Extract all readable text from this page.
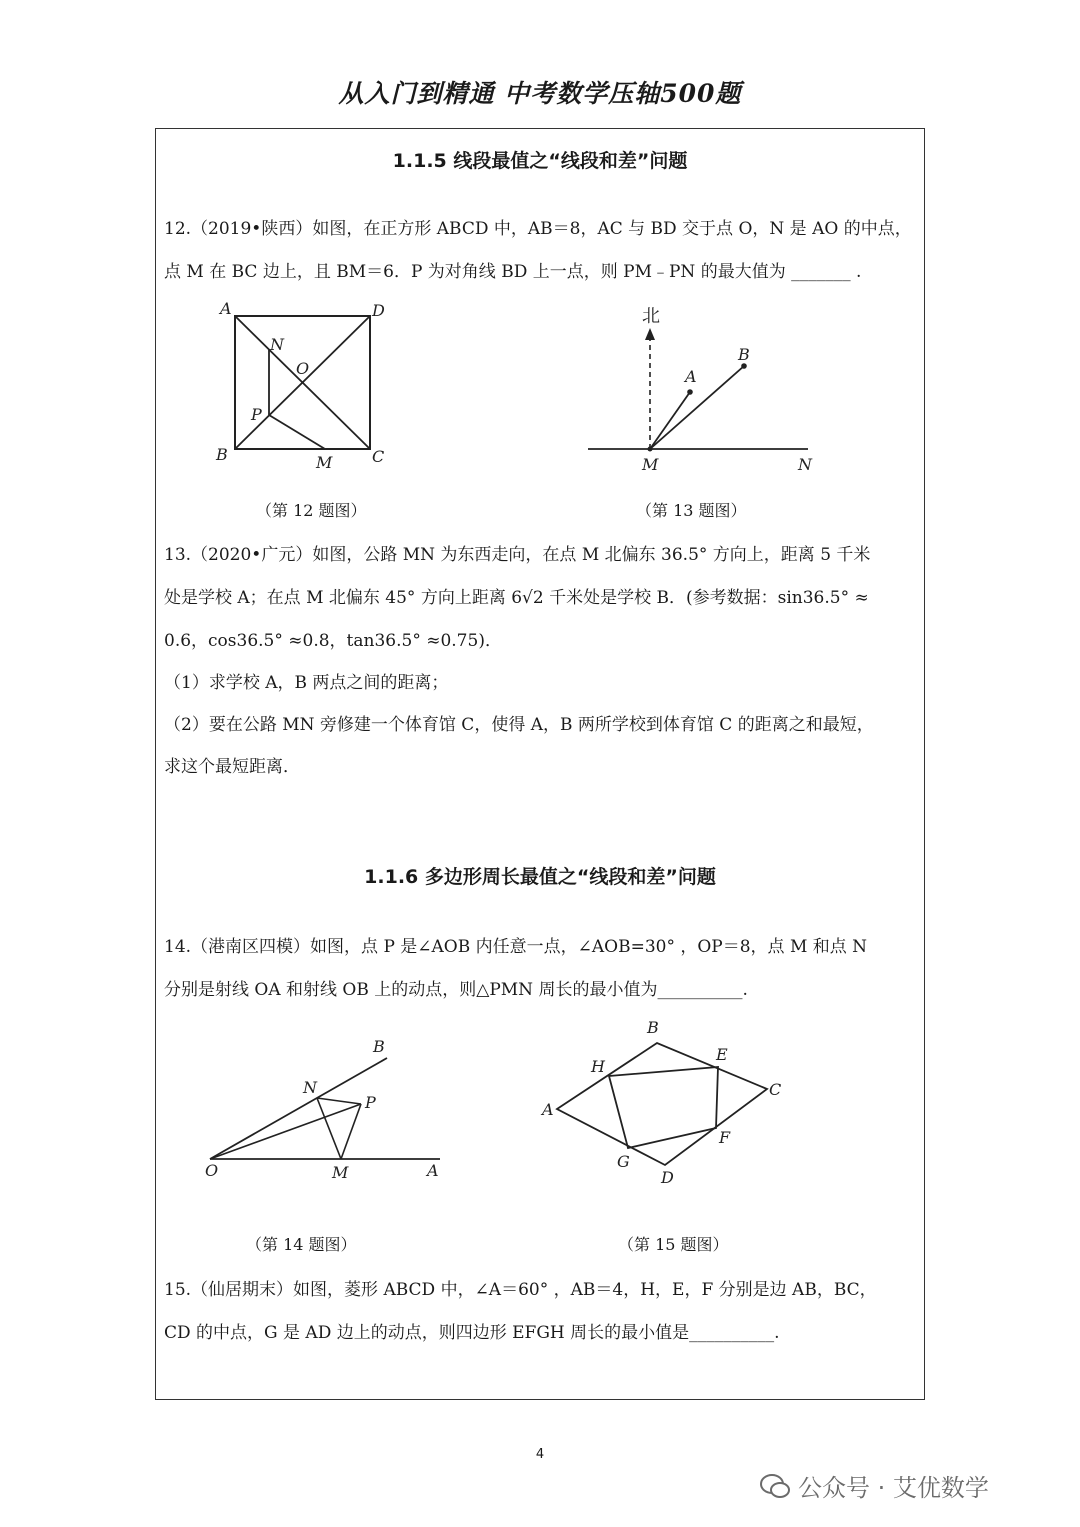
从入门到精通 中考数学压轴500题
1.1.5 线段最值之“线段和差”问题
12.（2019•陕西）如图，在正方形 ABCD 中，AB＝8，AC 与 BD 交于点 O，N 是 AO 的中点，
点 M 在 BC 边上，且 BM＝6．P 为对角线 BD 上一点，则 PM﹣PN 的最大值为 _______ .
A
B	C
D
N
O
P
M
（第 12 题图）
北
A
B
M	N
（第 13 题图）
13.（2020•广元）如图，公路 MN 为东西走向，在点 M 北偏东 36.5° 方向上，距离 5 千米
处是学校 A；在点 M 北偏东 45° 方向上距离 6√2 千米处是学校 B．(参考数据：sin36.5° ≈
0.6，cos36.5° ≈0.8，tan36.5° ≈0.75)．
（1）求学校 A，B 两点之间的距离；
（2）要在公路 MN 旁修建一个体育馆 C，使得 A，B 两所学校到体育馆 C 的距离之和最短，
求这个最短距离．
1.1.6 多边形周长最值之“线段和差”问题
14.（港南区四模）如图，点 P 是∠AOB 内任意一点，∠AOB=30° ，OP＝8，点 M 和点 N
分别是射线 OA 和射线 OB 上的动点，则△PMN 周长的最小值为__________.
O	A
B
N
P
M
（第 14 题图）
A
B
C
D
E
F
G
H
（第 15 题图）
15.（仙居期末）如图，菱形 ABCD 中，∠A＝60° ，AB＝4，H，E，F 分别是边 AB，BC，
CD 的中点，G 是 AD 边上的动点，则四边形 EFGH 周长的最小值是__________.
4
公众号 · 艾优数学
